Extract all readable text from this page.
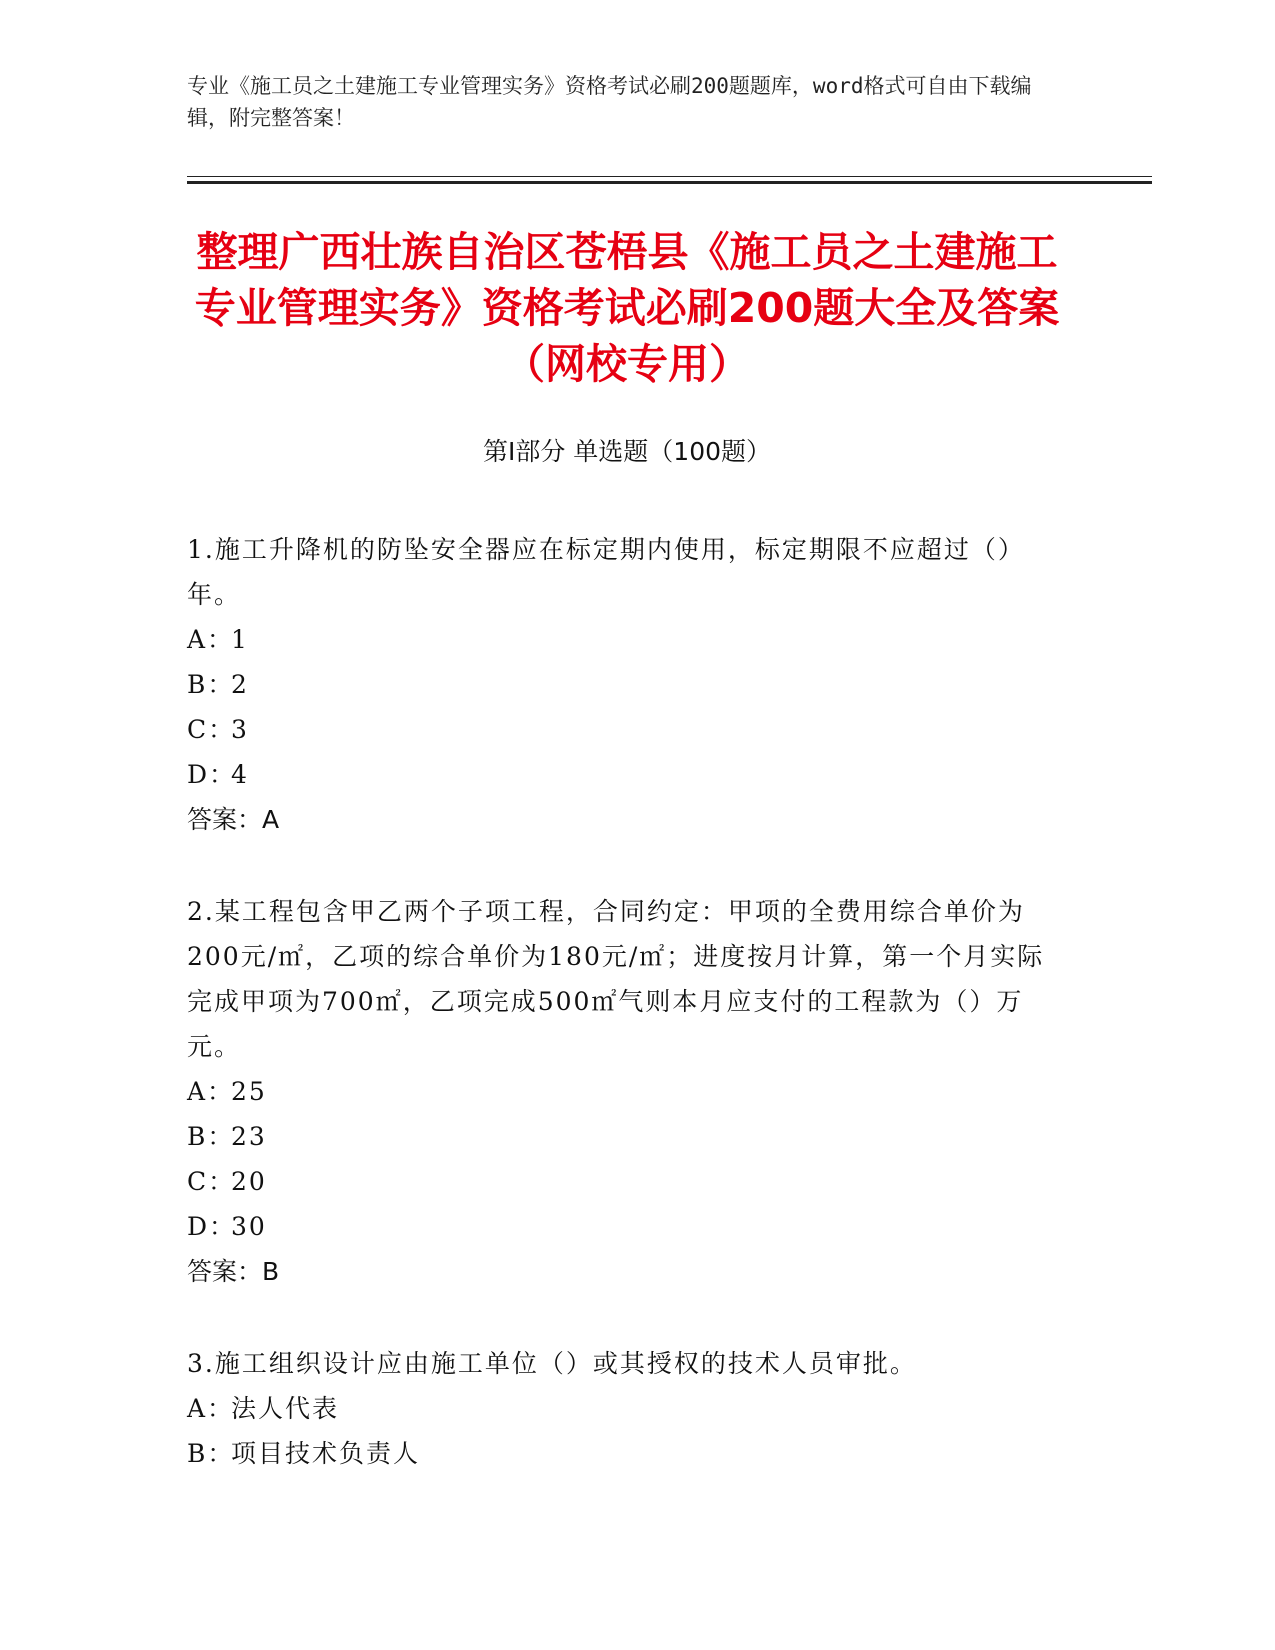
专业《施工员之土建施工专业管理实务》资格考试必刷200题题库，word格式可自由下载编辑，附完整答案！
整理广西壮族自治区苍梧县《施工员之土建施工专业管理实务》资格考试必刷200题大全及答案（网校专用）
第Ⅰ部分 单选题（100题）

1.施工升降机的防坠安全器应在标定期内使用，标定期限不应超过（）年。

A：1

B：2

C：3

D：4

答案：A

2.某工程包含甲乙两个子项工程，合同约定：甲项的全费用综合单价为200元/㎡，乙项的综合单价为180元/㎡；进度按月计算，第一个月实际完成甲项为700㎡，乙项完成500㎡气则本月应支付的工程款为（）万元。

A：25

B：23

C：20

D：30

答案：B

3.施工组织设计应由施工单位（）或其授权的技术人员审批。

A：法人代表

B：项目技术负责人
